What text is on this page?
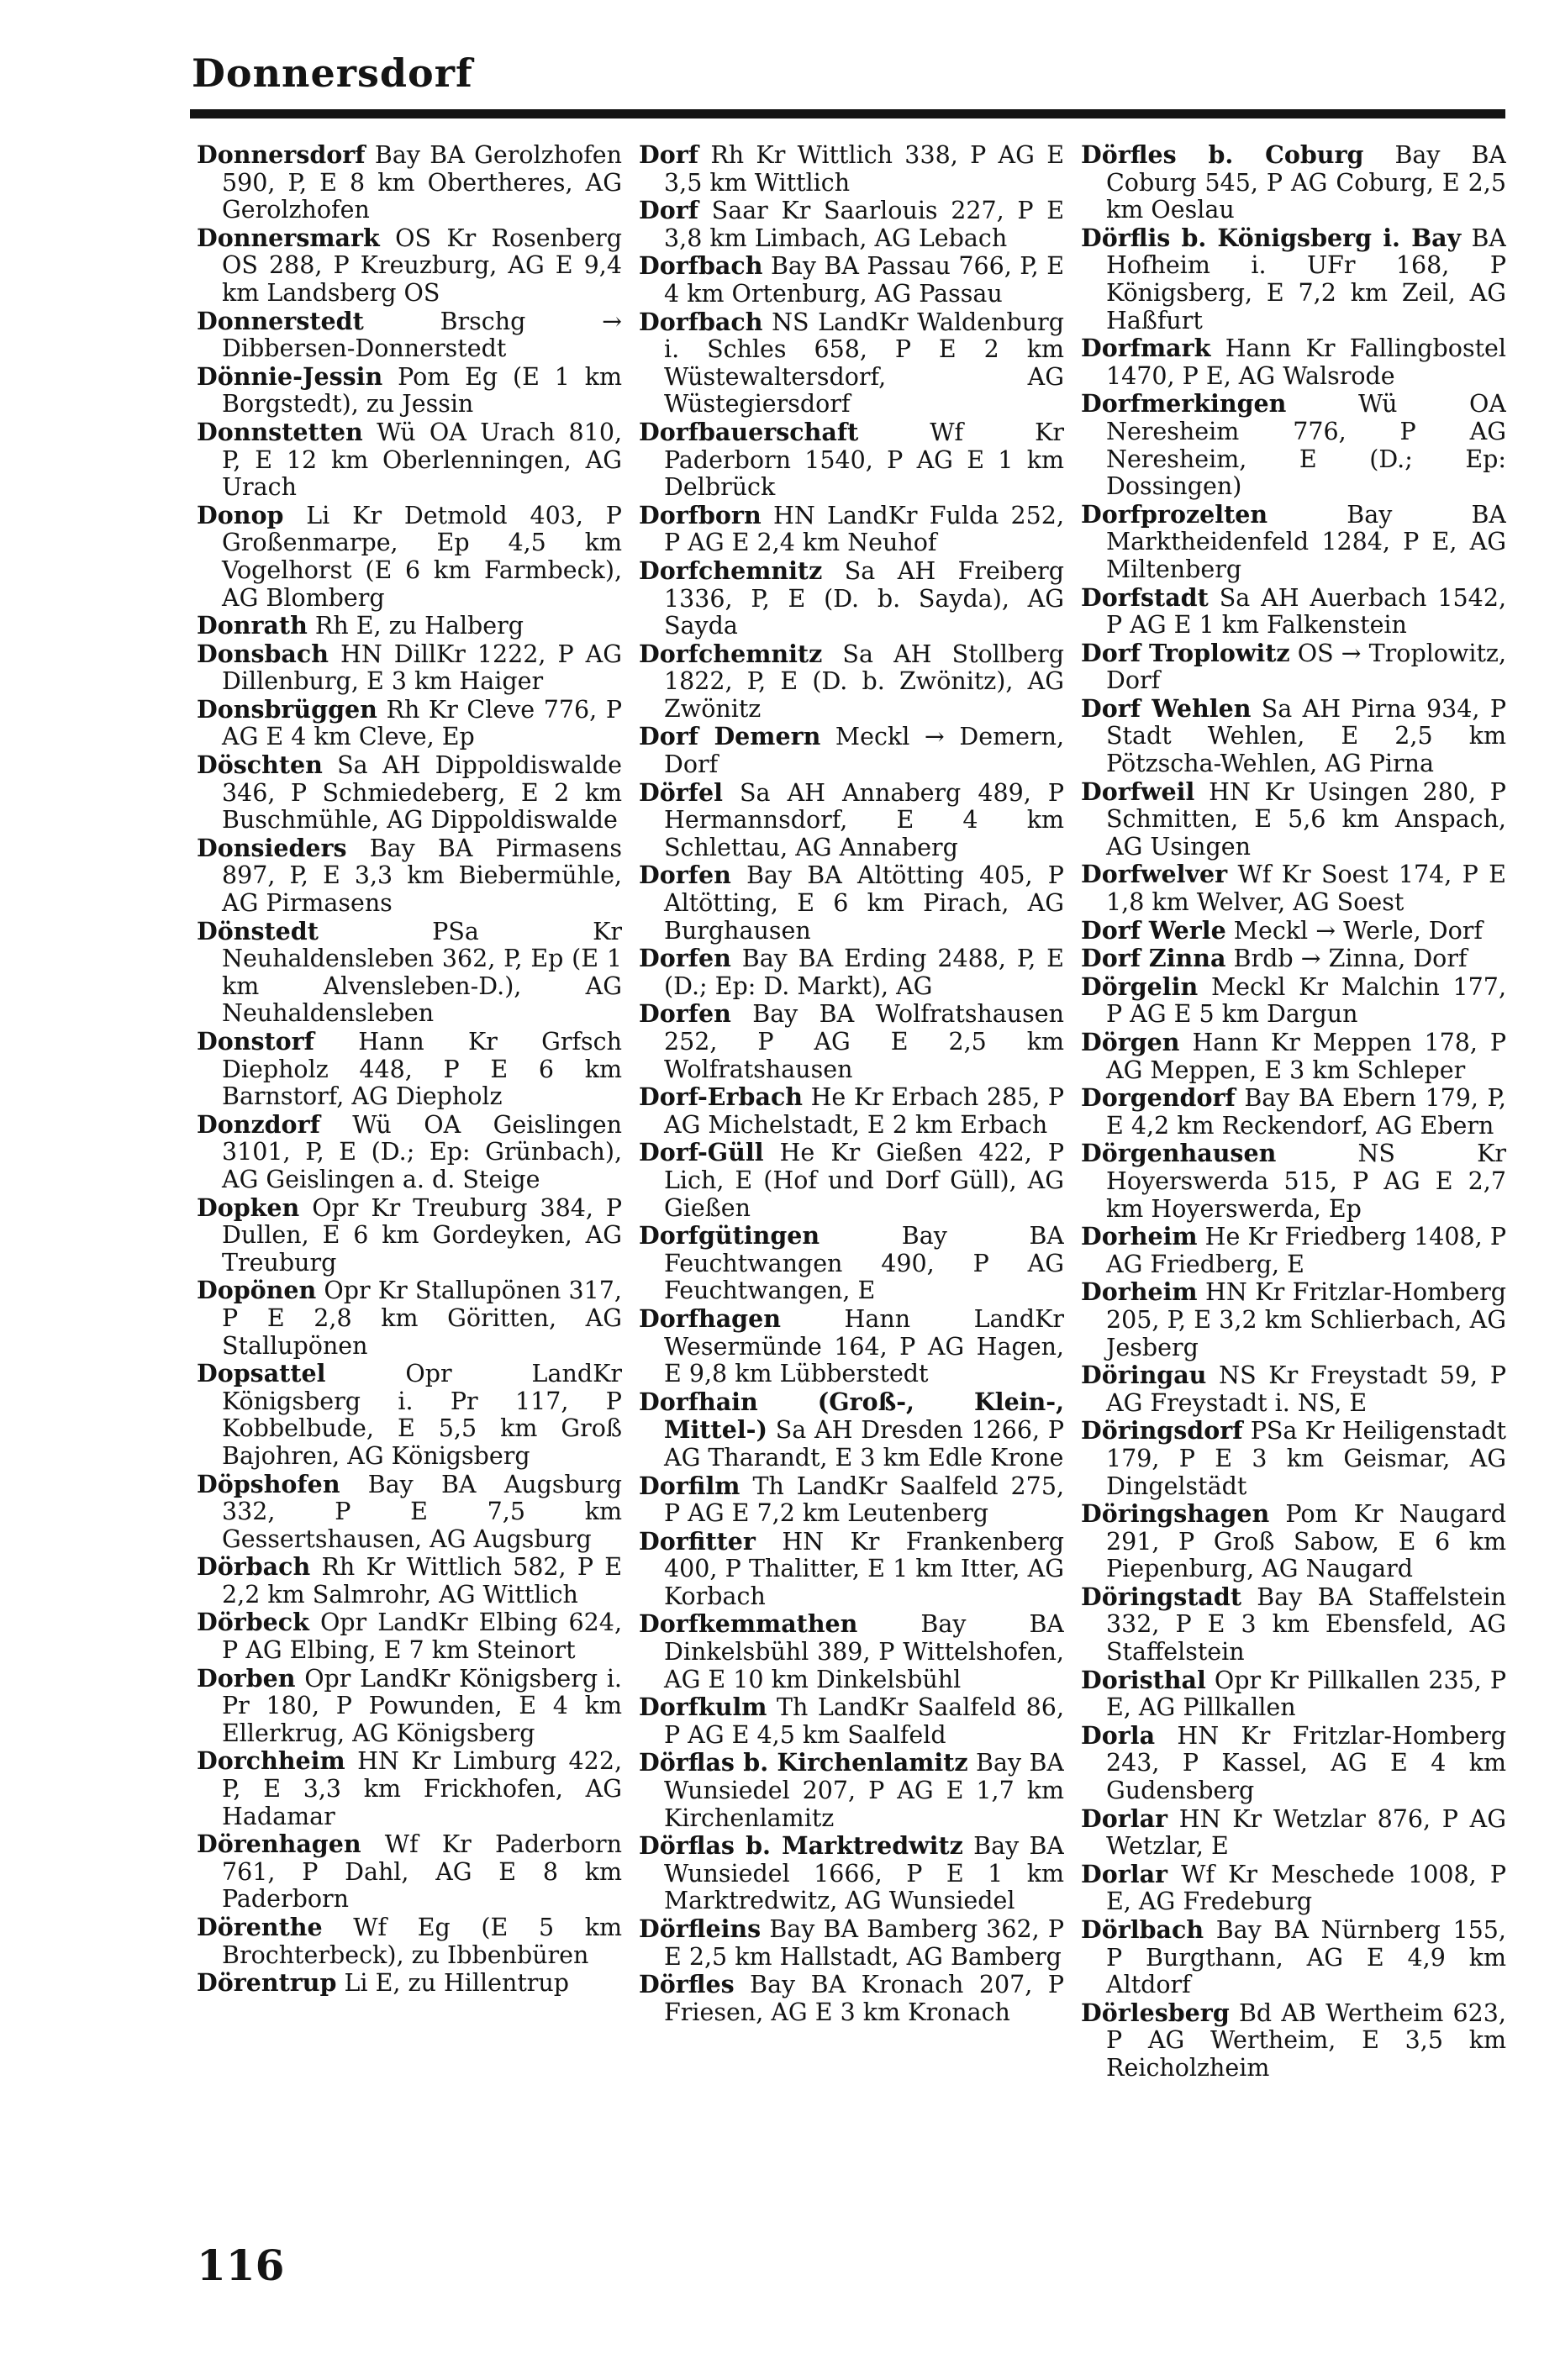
Donnersdorf

Donnersdorf Bay BA Gerolzhofen 590, P, E 8 km Obertheres, AG Gerolzhofen

Donnersmark OS Kr Rosenberg OS 288, P Kreuzburg, AG E 9,4 km Landsberg OS

Donnerstedt	Brschg → Dibbersen-Donnerstedt

Dönnie-Jessin Pom Eg (E 1 km Borgstedt), zu Jessin

Donnstetten Wü OA Urach 810, P, E 12 km Oberlenningen, AG Urach

Donop Li Kr Detmold 403, P Großenmarpe, Ep 4,5 km Vogelhorst (E 6 km Farmbeck), AG Blomberg

Donrath Rh E, zu Halberg

Donsbach HN DillKr 1222, P AG Dillenburg, E 3 km Haiger

Donsbrüggen Rh Kr Cleve 776, P AG E 4 km Cleve, Ep

Döschten Sa AH Dippoldiswalde 346, P Schmiedeberg, E 2 km Buschmühle, AG Dippoldiswalde

Donsieders Bay BA Pirmasens 897, P, E 3,3 km Biebermühle, AG Pirmasens

Dönstedt	PSa Kr Neuhaldensleben 362, P, Ep (E 1 km Alvensleben-D.), AG Neuhaldensleben

Donstorf Hann Kr Grfsch Diepholz 448, P E 6 km Barnstorf, AG Diepholz

Donzdorf Wü OA Geislingen 3101, P, E (D.; Ep: Grünbach), AG Geislingen a. d. Steige

Dopken Opr Kr Treuburg 384, P Dullen, E 6 km Gordeyken, AG Treuburg

Dopönen Opr Kr Stallupönen 317, P E 2,8 km Göritten, AG Stallupönen

Dopsattel	Opr LandKr Königsberg i. Pr 117, P Kobbelbude, E 5,5 km Groß Bajohren, AG Königsberg

Döpshofen Bay BA Augsburg 332, P E 7,5 km Gessertshausen, AG Augsburg

Dörbach Rh Kr Wittlich 582, P E 2,2 km Salmrohr, AG Wittlich

Dörbeck Opr LandKr Elbing 624, P AG Elbing, E 7 km Steinort

Dorben Opr LandKr Königsberg i. Pr 180, P Powunden, E 4 km Ellerkrug, AG Königsberg

Dorchheim HN Kr Limburg 422, P, E 3,3 km Frickhofen, AG Hadamar

Dörenhagen Wf Kr Paderborn 761, P Dahl, AG E 8 km Paderborn

Dörenthe Wf Eg (E 5 km Brochterbeck), zu Ibbenbüren

Dörentrup Li E, zu Hillentrup

Dorf Rh Kr Wittlich 338, P AG E 3,5 km Wittlich

Dorf Saar Kr Saarlouis 227, P E 3,8 km Limbach, AG Lebach

Dorfbach Bay BA Passau 766, P, E 4 km Ortenburg, AG Passau

Dorfbach NS LandKr Waldenburg i. Schles 658, P E 2 km Wüstewaltersdorf, AG Wüstegiersdorf

Dorfbauerschaft	Wf Kr Paderborn 1540, P AG E 1 km Delbrück

Dorfborn HN LandKr Fulda 252, P AG E 2,4 km Neuhof

Dorfchemnitz Sa AH Freiberg 1336, P, E (D. b. Sayda), AG Sayda

Dorfchemnitz Sa AH Stollberg 1822, P, E (D. b. Zwönitz), AG Zwönitz

Dorf Demern Meckl → Demern, Dorf

Dörfel Sa AH Annaberg 489, P Hermannsdorf, E 4 km Schlettau, AG Annaberg

Dorfen Bay BA Altötting 405, P Altötting, E 6 km Pirach, AG Burghausen

Dorfen Bay BA Erding 2488, P, E (D.; Ep: D. Markt), AG

Dorfen Bay BA Wolfratshausen 252, P AG E 2,5 km Wolfratshausen

Dorf-Erbach He Kr Erbach 285, P AG Michelstadt, E 2 km Erbach

Dorf-Güll He Kr Gießen 422, P Lich, E (Hof und Dorf Güll), AG Gießen

Dorfgütingen	Bay BA Feuchtwangen 490, P AG Feuchtwangen, E

Dorfhagen	Hann LandKr Wesermünde 164, P AG Hagen, E 9,8 km Lübberstedt

Dorfhain (Groß-, Klein-, Mittel-) Sa AH Dresden 1266, P AG Tharandt, E 3 km Edle Krone

Dorfilm Th LandKr Saalfeld 275, P AG E 7,2 km Leutenberg

Dorfitter HN Kr Frankenberg 400, P Thalitter, E 1 km Itter, AG Korbach

Dorfkemmathen	Bay BA Dinkelsbühl 389, P Wittelshofen, AG E 10 km Dinkelsbühl

Dorfkulm Th LandKr Saalfeld 86, P AG E 4,5 km Saalfeld

Dörflas b. Kirchenlamitz Bay BA Wunsiedel 207, P AG E 1,7 km Kirchenlamitz

Dörflas b. Marktredwitz Bay BA Wunsiedel 1666, P E 1 km Marktredwitz, AG Wunsiedel

Dörfleins Bay BA Bamberg 362, P E 2,5 km Hallstadt, AG Bamberg

Dörfles Bay BA Kronach 207, P Friesen, AG E 3 km Kronach

Dörfles b. Coburg Bay BA Coburg 545, P AG Coburg, E 2,5 km Oeslau

Dörflis b. Königsberg i. Bay BA Hofheim i. UFr 168, P Königsberg, E 7,2 km Zeil, AG Haßfurt

Dorfmark Hann Kr Fallingbostel 1470, P E, AG Walsrode

Dorfmerkingen	Wü OA Neresheim 776, P AG Neresheim, E (D.; Ep: Dossingen)

Dorfprozelten	Bay BA Marktheidenfeld 1284, P E, AG Miltenberg

Dorfstadt Sa AH Auerbach 1542, P AG E 1 km Falkenstein

Dorf Troplowitz OS → Troplowitz, Dorf

Dorf Wehlen Sa AH Pirna 934, P Stadt Wehlen, E 2,5 km Pötzscha-Wehlen, AG Pirna

Dorfweil HN Kr Usingen 280, P Schmitten, E 5,6 km Anspach, AG Usingen

Dorfwelver Wf Kr Soest 174, P E 1,8 km Welver, AG Soest

Dorf Werle Meckl → Werle, Dorf

Dorf Zinna Brdb → Zinna, Dorf

Dörgelin Meckl Kr Malchin 177, P AG E 5 km Dargun

Dörgen Hann Kr Meppen 178, P AG Meppen, E 3 km Schleper

Dorgendorf Bay BA Ebern 179, P, E 4,2 km Reckendorf, AG Ebern

Dörgenhausen	NS Kr Hoyerswerda 515, P AG E 2,7 km Hoyerswerda, Ep

Dorheim He Kr Friedberg 1408, P AG Friedberg, E

Dorheim HN Kr Fritzlar-Homberg 205, P, E 3,2 km Schlierbach, AG Jesberg

Döringau NS Kr Freystadt 59, P AG Freystadt i. NS, E

Döringsdorf PSa Kr Heiligenstadt 179, P E 3 km Geismar, AG Dingelstädt

Döringshagen Pom Kr Naugard 291, P Groß Sabow, E 6 km Piepenburg, AG Naugard

Döringstadt Bay BA Staffelstein 332, P E 3 km Ebensfeld, AG Staffelstein

Doristhal Opr Kr Pillkallen 235, P E, AG Pillkallen

Dorla HN Kr Fritzlar-Homberg 243, P Kassel, AG E 4 km Gudensberg

Dorlar HN Kr Wetzlar 876, P AG Wetzlar, E

Dorlar Wf Kr Meschede 1008, P E, AG Fredeburg

Dörlbach Bay BA Nürnberg 155, P Burgthann, AG E 4,9 km Altdorf

Dörlesberg Bd AB Wertheim 623, P AG Wertheim, E 3,5 km Reicholzheim

116
